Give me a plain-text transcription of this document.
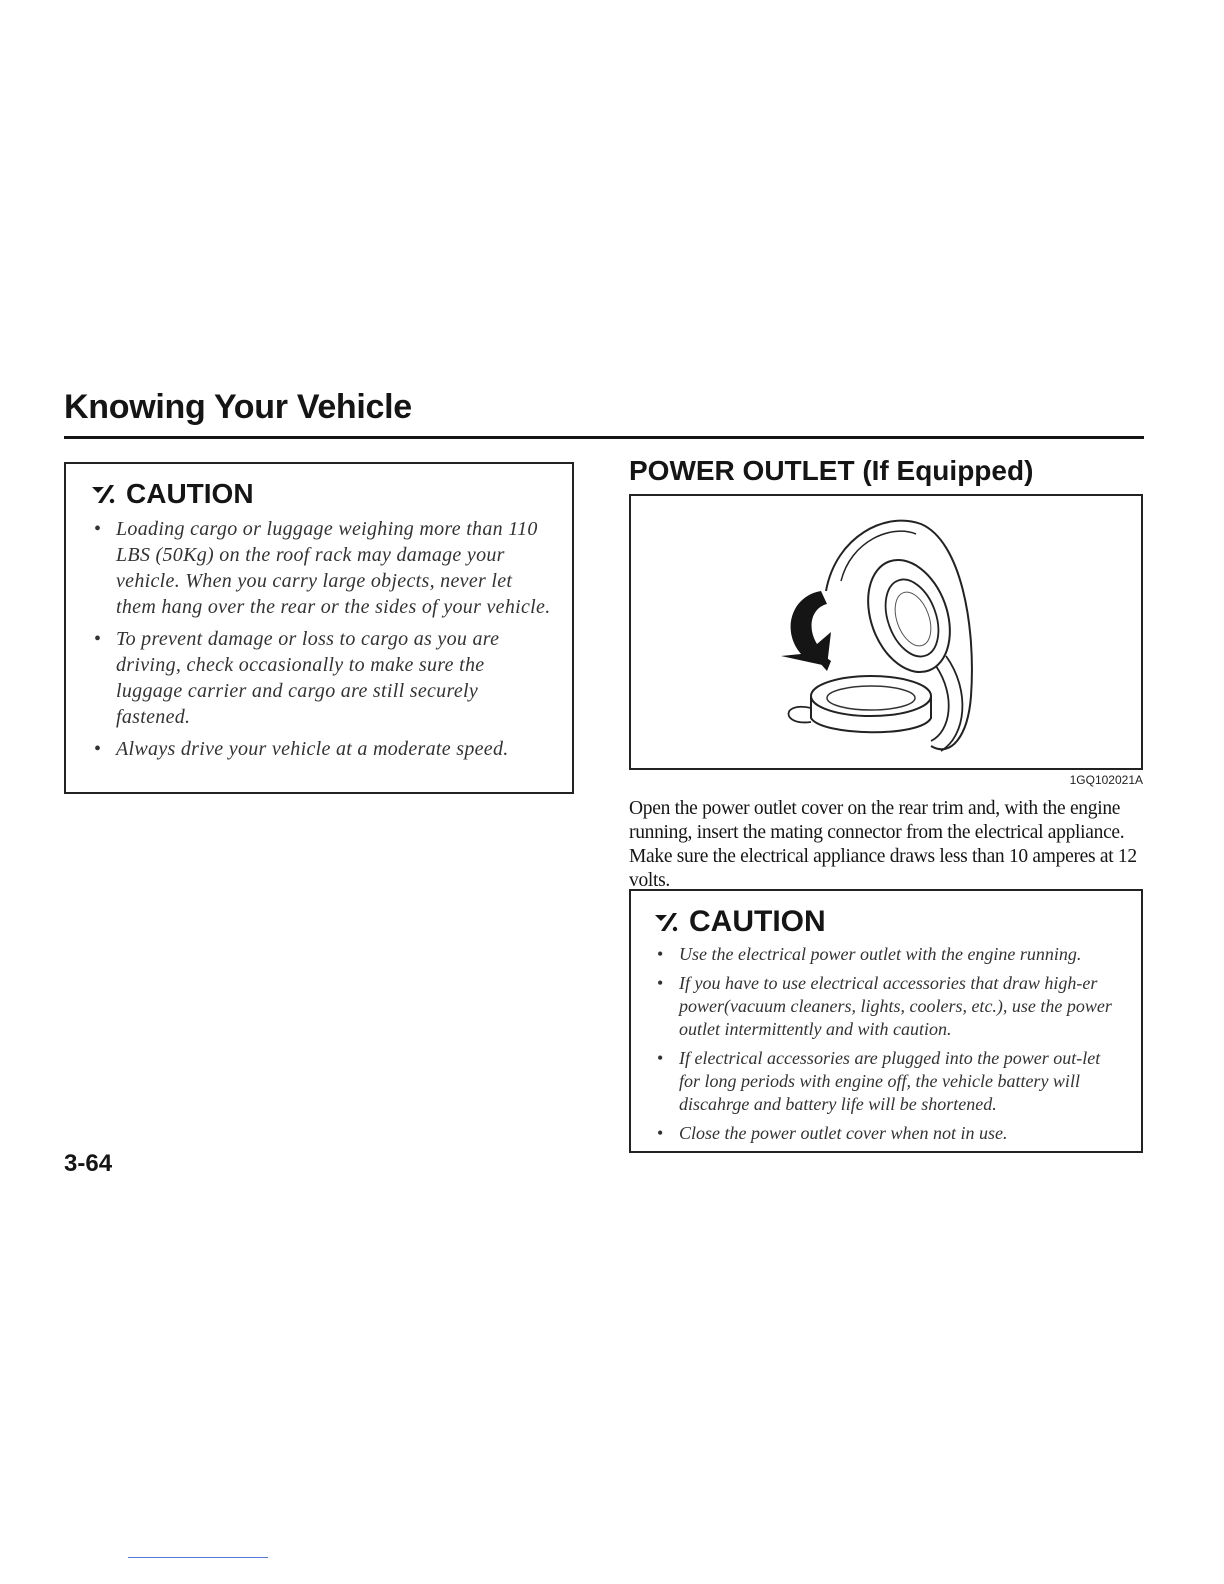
Knowing Your Vehicle
CAUTION
• Loading cargo or luggage weighing more than 110 LBS (50Kg) on the roof rack may damage your vehicle. When you carry large objects, never let them hang over the rear or the sides of your vehicle.
• To prevent damage or loss to cargo as you are driving, check occasionally to make sure the luggage carrier and cargo are still securely fastened.
• Always drive your vehicle at a moderate speed.
POWER OUTLET (If Equipped)
1GQ102021A
Open the power outlet cover on the rear trim and, with the engine running, insert the mating connector from the electrical appliance. Make sure the electrical appliance draws less than 10 amperes at 12 volts.
CAUTION
• Use the electrical power outlet with the engine running.
• If you have to use electrical accessories that draw high-er power(vacuum cleaners, lights, coolers, etc.), use the power outlet intermittently and with caution.
• If electrical accessories are plugged into the power out-let for long periods with engine off, the vehicle battery will discahrge and battery life will be shortened.
• Close the power outlet cover when not in use.
3-64
